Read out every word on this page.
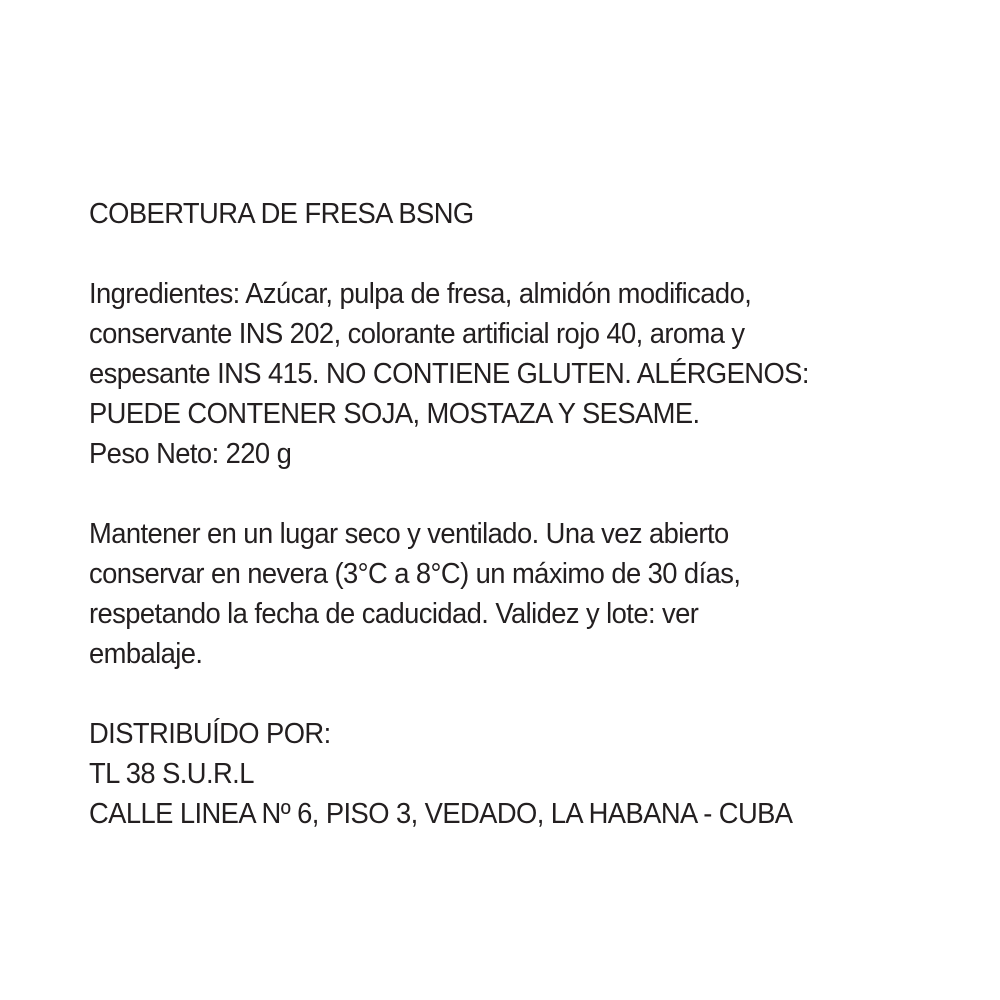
COBERTURA DE FRESA BSNG
Ingredientes: Azúcar, pulpa de fresa, almidón modificado,
conservante INS 202, colorante artificial rojo 40, aroma y
espesante INS 415. NO CONTIENE GLUTEN. ALÉRGENOS:
PUEDE CONTENER SOJA, MOSTAZA Y SESAME.
Peso Neto: 220 g
Mantener en un lugar seco y ventilado. Una vez abierto
conservar en nevera (3°C a 8°C) un máximo de 30 días,
respetando la fecha de caducidad. Validez y lote: ver
embalaje.
DISTRIBUÍDO POR:
TL 38 S.U.R.L
CALLE LINEA Nº 6, PISO 3, VEDADO, LA HABANA - CUBA
